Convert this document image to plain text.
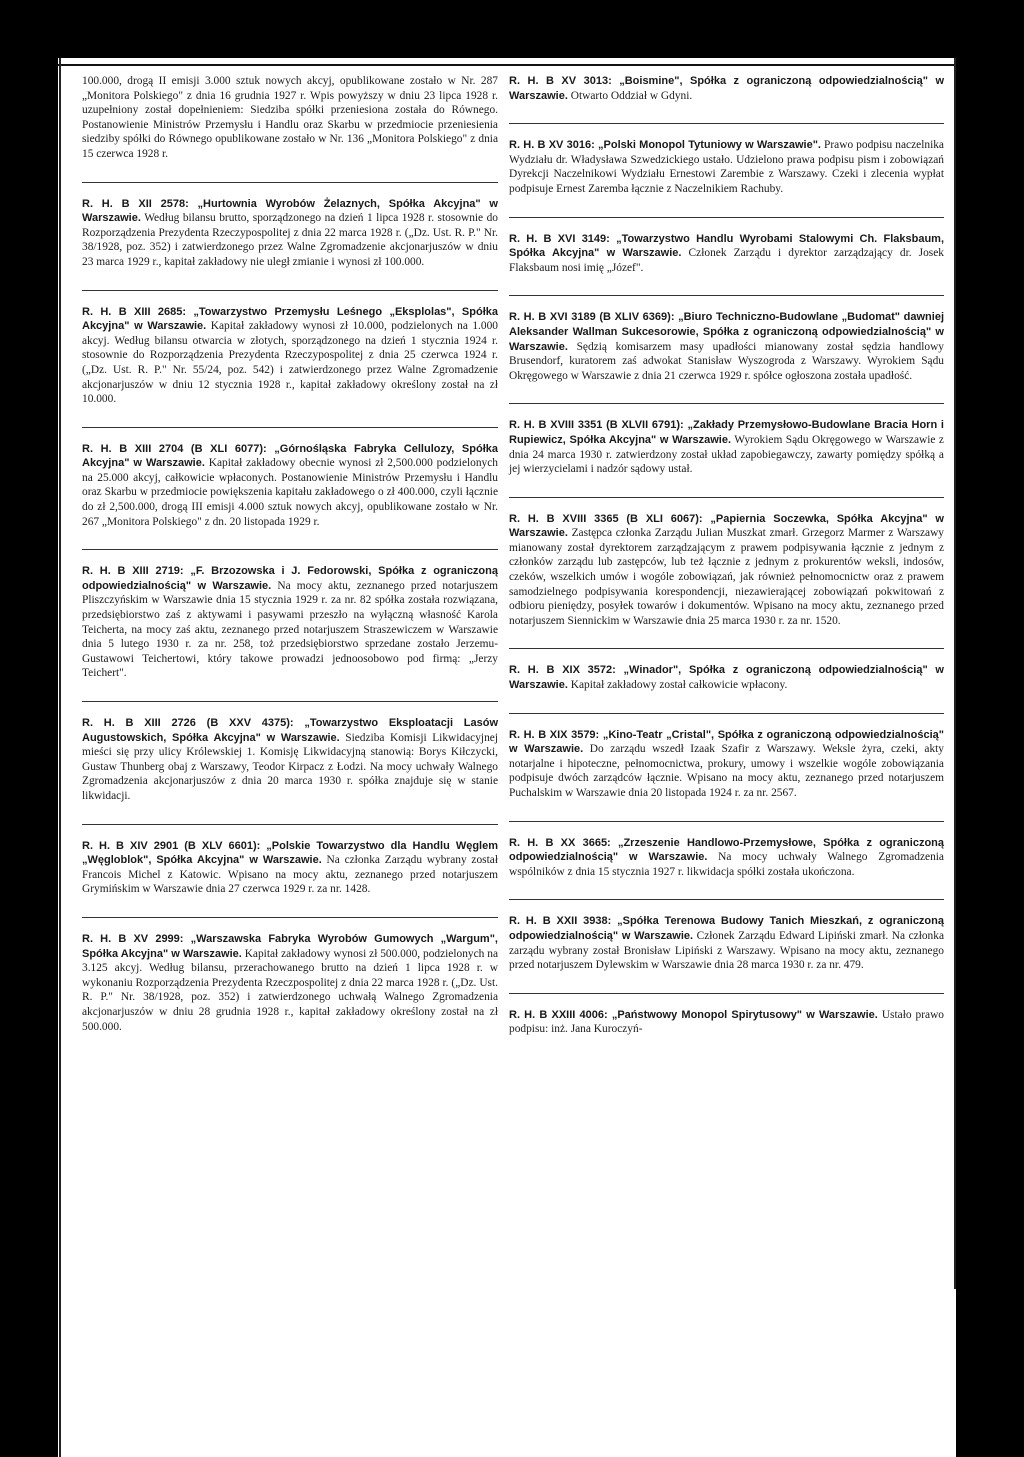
100.000, drogą II emisji 3.000 sztuk nowych akcyj, opublikowane zostało w Nr. 287 „Monitora Polskiego" z dnia 16 grudnia 1927 r. Wpis powyższy w dniu 23 lipca 1928 r. uzupełniony został dopełnieniem: Siedziba spółki przeniesiona została do Równego. Postanowienie Ministrów Przemysłu i Handlu oraz Skarbu w przedmiocie przeniesienia siedziby spółki do Równego opublikowane zostało w Nr. 136 „Monitora Polskiego" z dnia 15 czerwca 1928 r.

R. H. B XII 2578: „Hurtownia Wyrobów Żelaznych, Spółka Akcyjna" w Warszawie. Według bilansu brutto, sporządzonego na dzień 1 lipca 1928 r. stosownie do Rozporządzenia Prezydenta Rzeczypospolitej z dnia 22 marca 1928 r. („Dz. Ust. R. P." Nr. 38/1928, poz. 352) i zatwierdzonego przez Walne Zgromadzenie akcjonarjuszów w dniu 23 marca 1929 r., kapitał zakładowy nie uległ zmianie i wynosi zł 100.000.

R. H. B XIII 2685: „Towarzystwo Przemysłu Leśnego „Eksplolas", Spółka Akcyjna" w Warszawie. Kapitał zakładowy wynosi zł 10.000, podzielonych na 1.000 akcyj. Według bilansu otwarcia w złotych, sporządzonego na dzień 1 stycznia 1924 r. stosownie do Rozporządzenia Prezydenta Rzeczypospolitej z dnia 25 czerwca 1924 r. („Dz. Ust. R. P." Nr. 55/24, poz. 542) i zatwierdzonego przez Walne Zgromadzenie akcjonarjuszów w dniu 12 stycznia 1928 r., kapitał zakładowy określony został na zł 10.000.

R. H. B XIII 2704 (B XLI 6077): „Górnośląska Fabryka Cellulozy, Spółka Akcyjna" w Warszawie. Kapitał zakładowy obecnie wynosi zł 2,500.000 podzielonych na 25.000 akcyj, całkowicie wpłaconych. Postanowienie Ministrów Przemysłu i Handlu oraz Skarbu w przedmiocie powiększenia kapitału zakładowego o zł 400.000, czyli łącznie do zł 2,500.000, drogą III emisji 4.000 sztuk nowych akcyj, opublikowane zostało w Nr. 267 „Monitora Polskiego" z dn. 20 listopada 1929 r.

R. H. B XIII 2719: „F. Brzozowska i J. Fedorowski, Spółka z ograniczoną odpowiedzialnością" w Warszawie. Na mocy aktu, zeznanego przed notarjuszem Pliszczyńskim w Warszawie dnia 15 stycznia 1929 r. za nr. 82 spółka została rozwiązana, przedsiębiorstwo zaś z aktywami i pasywami przeszło na wyłączną własność Karola Teicherta, na mocy zaś aktu, zeznanego przed notarjuszem Straszewiczem w Warszawie dnia 5 lutego 1930 r. za nr. 258, toż przedsiębiorstwo sprzedane zostało Jerzemu-Gustawowi Teichertowi, który takowe prowadzi jednoosobowo pod firmą: „Jerzy Teichert".

R. H. B XIII 2726 (B XXV 4375): „Towarzystwo Eksploatacji Lasów Augustowskich, Spółka Akcyjna" w Warszawie. Siedziba Komisji Likwidacyjnej mieści się przy ulicy Królewskiej 1. Komisję Likwidacyjną stanowią: Borys Kiłczycki, Gustaw Thunberg obaj z Warszawy, Teodor Kirpacz z Łodzi. Na mocy uchwały Walnego Zgromadzenia akcjonarjuszów z dnia 20 marca 1930 r. spółka znajduje się w stanie likwidacji.

R. H. B XIV 2901 (B XLV 6601): „Polskie Towarzystwo dla Handlu Węglem „Węgloblok", Spółka Akcyjna" w Warszawie. Na członka Zarządu wybrany został Francois Michel z Katowic. Wpisano na mocy aktu, zeznanego przed notarjuszem Grymińskim w Warszawie dnia 27 czerwca 1929 r. za nr. 1428.

R. H. B XV 2999: „Warszawska Fabryka Wyrobów Gumowych „Wargum", Spółka Akcyjna" w Warszawie. Kapitał zakładowy wynosi zł 500.000, podzielonych na 3.125 akcyj. Według bilansu, przerachowanego brutto na dzień 1 lipca 1928 r. w wykonaniu Rozporządzenia Prezydenta Rzeczpospolitej z dnia 22 marca 1928 r. („Dz. Ust. R. P." Nr. 38/1928, poz. 352) i zatwierdzonego uchwałą Walnego Zgromadzenia akcjonarjuszów w dniu 28 grudnia 1928 r., kapitał zakładowy określony został na zł 500.000.

R. H. B XV 3013: „Boismine", Spółka z ograniczoną odpowiedzialnością" w Warszawie. Otwarto Oddział w Gdyni.

R. H. B XV 3016: „Polski Monopol Tytuniowy w Warszawie". Prawo podpisu naczelnika Wydziału dr. Władysława Szwedzickiego ustało. Udzielono prawa podpisu pism i zobowiązań Dyrekcji Naczelnikowi Wydziału Ernestowi Zarembie z Warszawy. Czeki i zlecenia wypłat podpisuje Ernest Zaremba łącznie z Naczelnikiem Rachuby.

R. H. B XVI 3149: „Towarzystwo Handlu Wyrobami Stalowymi Ch. Flaksbaum, Spółka Akcyjna" w Warszawie. Członek Zarządu i dyrektor zarządzający dr. Josek Flaksbaum nosi imię „Józef".

R. H. B XVI 3189 (B XLIV 6369): „Biuro Techniczno-Budowlane „Budomat" dawniej Aleksander Wallman Sukcesorowie, Spółka z ograniczoną odpowiedzialnością" w Warszawie. Sędzią komisarzem masy upadłości mianowany został sędzia handlowy Brusendorf, kuratorem zaś adwokat Stanisław Wyszogroda z Warszawy. Wyrokiem Sądu Okręgowego w Warszawie z dnia 21 czerwca 1929 r. spółce ogłoszona została upadłość.

R. H. B XVIII 3351 (B XLVII 6791): „Zakłady Przemysłowo-Budowlane Bracia Horn i Rupiewicz, Spółka Akcyjna" w Warszawie. Wyrokiem Sądu Okręgowego w Warszawie z dnia 24 marca 1930 r. zatwierdzony został układ zapobiegawczy, zawarty pomiędzy spółką a jej wierzycielami i nadzór sądowy ustał.

R. H. B XVIII 3365 (B XLI 6067): „Papiernia Soczewka, Spółka Akcyjna" w Warszawie. Zastępca członka Zarządu Julian Muszkat zmarł. Grzegorz Marmer z Warszawy mianowany został dyrektorem zarządzającym z prawem podpisywania łącznie z jednym z członków zarządu lub zastępców, lub też łącznie z jednym z prokurentów weksli, indosów, czeków, wszelkich umów i wogóle zobowiązań, jak również pełnomocnictw oraz z prawem samodzielnego podpisywania korespondencji, niezawierającej zobowiązań pokwitowań z odbioru pieniędzy, posyłek towarów i dokumentów. Wpisano na mocy aktu, zeznanego przed notarjuszem Siennickim w Warszawie dnia 25 marca 1930 r. za nr. 1520.

R. H. B XIX 3572: „Winador", Spółka z ograniczoną odpowiedzialnością" w Warszawie. Kapitał zakładowy został całkowicie wpłacony.

R. H. B XIX 3579: „Kino-Teatr „Cristal", Spółka z ograniczoną odpowiedzialnością" w Warszawie. Do zarządu wszedł Izaak Szafir z Warszawy. Weksle żyra, czeki, akty notarjalne i hipoteczne, pełnomocnictwa, prokury, umowy i wszelkie wogóle zobowiązania podpisuje dwóch zarządców łącznie. Wpisano na mocy aktu, zeznanego przed notarjuszem Puchalskim w Warszawie dnia 20 listopada 1924 r. za nr. 2567.

R. H. B XX 3665: „Zrzeszenie Handlowo-Przemysłowe, Spółka z ograniczoną odpowiedzialnością" w Warszawie. Na mocy uchwały Walnego Zgromadzenia wspólników z dnia 15 stycznia 1927 r. likwidacja spółki została ukończona.

R. H. B XXII 3938: „Spółka Terenowa Budowy Tanich Mieszkań, z ograniczoną odpowiedzialnością" w Warszawie. Członek Zarządu Edward Lipiński zmarł. Na członka zarządu wybrany został Bronisław Lipiński z Warszawy. Wpisano na mocy aktu, zeznanego przed notarjuszem Dylewskim w Warszawie dnia 28 marca 1930 r. za nr. 479.

R. H. B XXIII 4006: „Państwowy Monopol Spirytusowy" w Warszawie. Ustało prawo podpisu: inż. Jana Kuroczyń-
